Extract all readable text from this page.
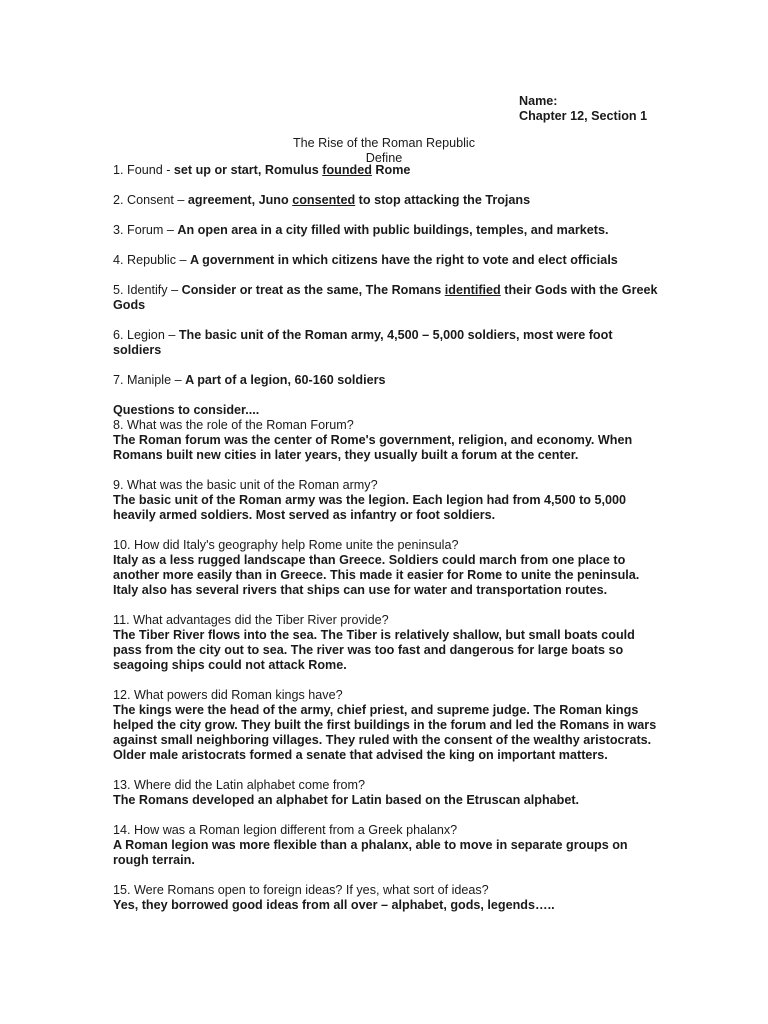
Name:
Chapter 12, Section 1
The Rise of the Roman Republic
Define

1. Found - set up or start, Romulus founded Rome

2. Consent – agreement, Juno consented to stop attacking the Trojans

3. Forum – An open area in a city filled with public buildings, temples, and markets.

4. Republic – A government in which citizens have the right to vote and elect officials

5. Identify – Consider or treat as the same, The Romans identified their Gods with the Greek Gods

6. Legion – The basic unit of the Roman army, 4,500 – 5,000 soldiers, most were foot soldiers

7. Maniple – A part of a legion, 60-160 soldiers

Questions to consider....

8. What was the role of the Roman Forum?
The Roman forum was the center of Rome's government, religion, and economy. When Romans built new cities in later years, they usually built a forum at the center.
9. What was the basic unit of the Roman army?
The basic unit of the Roman army was the legion. Each legion had from 4,500 to 5,000 heavily armed soldiers. Most served as infantry or foot soldiers.
10. How did Italy's geography help Rome unite the peninsula?
Italy as a less rugged landscape than Greece. Soldiers could march from one place to another more easily than in Greece. This made it easier for Rome to unite the peninsula. Italy also has several rivers that ships can use for water and transportation routes.
11. What advantages did the Tiber River provide?
The Tiber River flows into the sea. The Tiber is relatively shallow, but small boats could pass from the city out to sea. The river was too fast and dangerous for large boats so seagoing ships could not attack Rome.
12. What powers did Roman kings have?
The kings were the head of the army, chief priest, and supreme judge. The Roman kings helped the city grow. They built the first buildings in the forum and led the Romans in wars against small neighboring villages. They ruled with the consent of the wealthy aristocrats. Older male aristocrats formed a senate that advised the king on important matters.
13. Where did the Latin alphabet come from?
The Romans developed an alphabet for Latin based on the Etruscan alphabet.
14. How was a Roman legion different from a Greek phalanx?
A Roman legion was more flexible than a phalanx, able to move in separate groups on rough terrain.
15. Were Romans open to foreign ideas? If yes, what sort of ideas?
Yes, they borrowed good ideas from all over – alphabet, gods, legends…..
